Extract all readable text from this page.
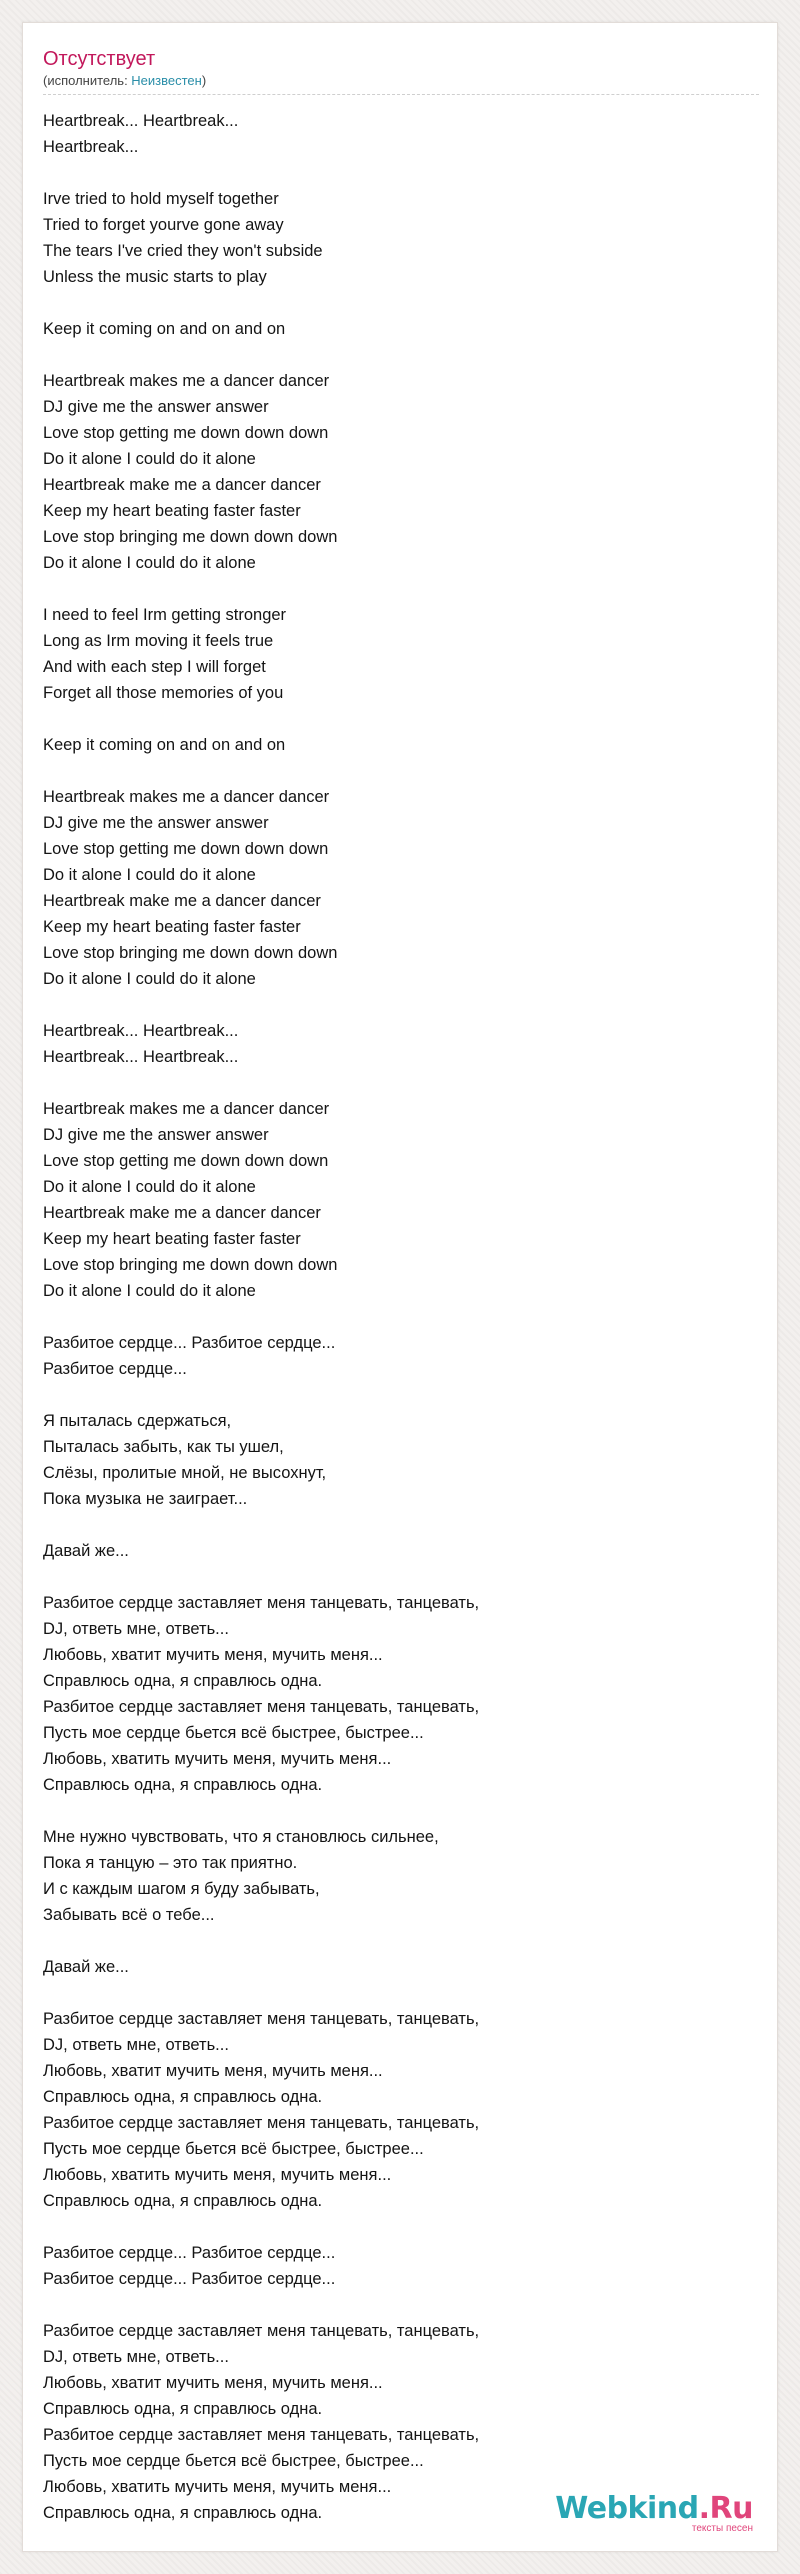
Отсутствует
(исполнитель: Неизвестен)
Heartbreak... Heartbreak...
Heartbreak...
Irve tried to hold myself together
Tried to forget yourve gone away
The tears I've cried they won't subside
Unless the music starts to play
Keep it coming on and on and on
Heartbreak makes me a dancer dancer
DJ give me the answer answer
Love stop getting me down down down
Do it alone I could do it alone
Heartbreak make me a dancer dancer
Keep my heart beating faster faster
Love stop bringing me down down down
Do it alone I could do it alone
I need to feel Irm getting stronger
Long as Irm moving it feels true
And with each step I will forget
Forget all those memories of you
Keep it coming on and on and on
Heartbreak makes me a dancer dancer
DJ give me the answer answer
Love stop getting me down down down
Do it alone I could do it alone
Heartbreak make me a dancer dancer
Keep my heart beating faster faster
Love stop bringing me down down down
Do it alone I could do it alone
Heartbreak... Heartbreak...
Heartbreak... Heartbreak...
Heartbreak makes me a dancer dancer
DJ give me the answer answer
Love stop getting me down down down
Do it alone I could do it alone
Heartbreak make me a dancer dancer
Keep my heart beating faster faster
Love stop bringing me down down down
Do it alone I could do it alone
Разбитое сердце... Разбитое сердце...
Разбитое сердце...
Я пыталась сдержаться,
Пыталась забыть, как ты ушел,
Слёзы, пролитые мной, не высохнут,
Пока музыка не заиграет...
Давай же...
Разбитое сердце заставляет меня танцевать, танцевать,
DJ, ответь мне, ответь...
Любовь, хватит мучить меня, мучить меня...
Справлюсь одна, я справлюсь одна.
Разбитое сердце заставляет меня танцевать, танцевать,
Пусть мое сердце бьется всё быстрее, быстрее...
Любовь, хватить мучить меня, мучить меня...
Справлюсь одна, я справлюсь одна.
Мне нужно чувствовать, что я становлюсь сильнее,
Пока я танцую – это так приятно.
И с каждым шагом я буду забывать,
Забывать всё о тебе...
Давай же...
Разбитое сердце заставляет меня танцевать, танцевать,
DJ, ответь мне, ответь...
Любовь, хватит мучить меня, мучить меня...
Справлюсь одна, я справлюсь одна.
Разбитое сердце заставляет меня танцевать, танцевать,
Пусть мое сердце бьется всё быстрее, быстрее...
Любовь, хватить мучить меня, мучить меня...
Справлюсь одна, я справлюсь одна.
Разбитое сердце... Разбитое сердце...
Разбитое сердце... Разбитое сердце...
Разбитое сердце заставляет меня танцевать, танцевать,
DJ, ответь мне, ответь...
Любовь, хватит мучить меня, мучить меня...
Справлюсь одна, я справлюсь одна.
Разбитое сердце заставляет меня танцевать, танцевать,
Пусть мое сердце бьется всё быстрее, быстрее...
Любовь, хватить мучить меня, мучить меня...
Справлюсь одна, я справлюсь одна.	Webkind.Ru
тексты песен
